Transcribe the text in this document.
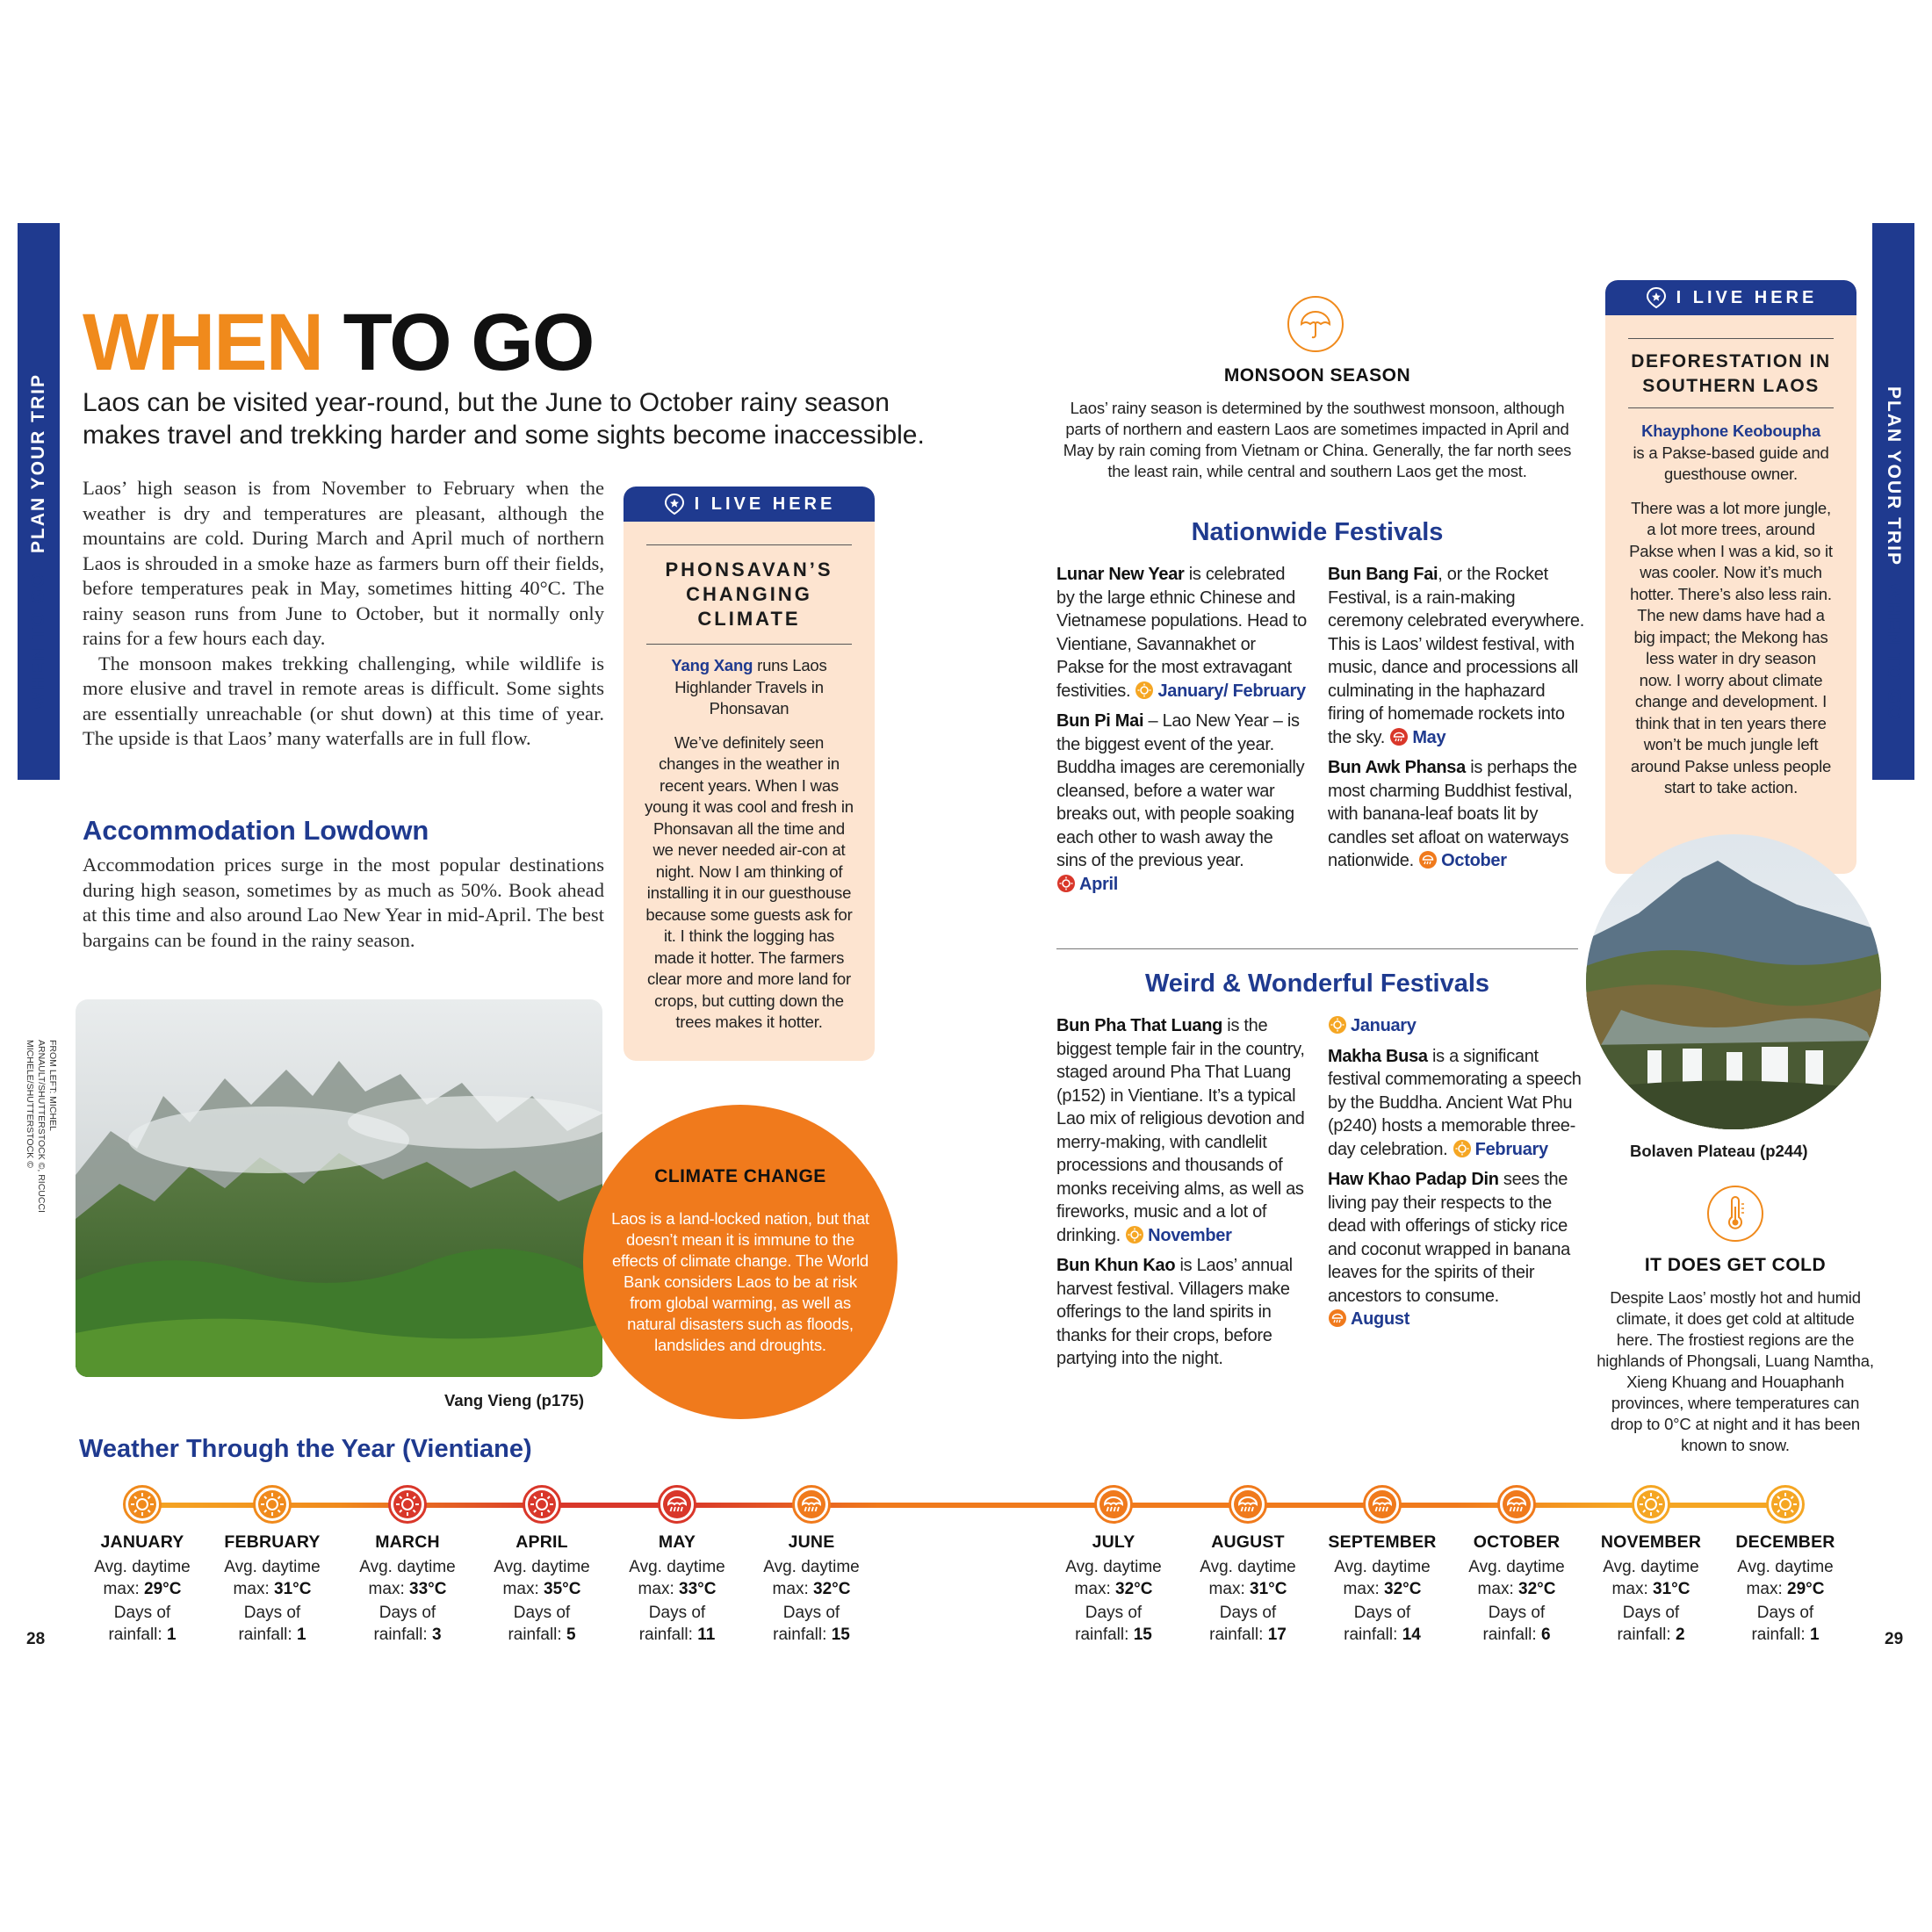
PLAN YOUR TRIP
WHEN TO GO
PLAN YOUR TRIP
WHEN TO GO
28	29
WHEN TO GO
Laos can be visited year-round, but the June to October rainy season makes travel and trekking harder and some sights become inaccessible.

Laos’ high season is from November to February when the weather is dry and temperatures are pleasant, although the mountains are cold. During March and April much of northern Laos is shrouded in a smoke haze as farmers burn off their fields, before temperatures peak in May, sometimes hitting 40°C. The rainy season runs from June to October, but it normally only rains for a few hours each day.

The monsoon makes trekking challenging, while wildlife is more elusive and travel in remote areas is difficult. Some sights are essentially unreachable (or shut down) at this time of year. The upside is that Laos’ many waterfalls are in full flow.

Accommodation Lowdown
Accommodation prices surge in the most popular destinations during high season, sometimes by as much as 50%. Book ahead at this time and also around Lao New Year in mid-April. The best bargains can be found in the rainy season.
I LIVE HERE
PHONSAVAN’S
CHANGING
CLIMATE
Yang Xang runs Laos Highlander Travels in Phonsavan
We’ve definitely seen changes in the weather in recent years. When I was young it was cool and fresh in Phonsavan all the time and we never needed air-con at night. Now I am thinking of installing it in our guesthouse because some guests ask for it. I think the logging has made it hotter. The farmers clear more and more land for crops, but cutting down the trees makes it hotter.
FROM LEFT: MICHEL ARNAULT/SHUTTERSTOCK ©, RICUCCI MICHELE/SHUTTERSTOCK ©
Vang Vieng (p175)
CLIMATE CHANGE
Laos is a land-locked nation, but that doesn’t mean it is immune to the effects of climate change. The World Bank considers Laos to be at risk from global warming, as well as natural disasters such as floods, landslides and droughts.
MONSOON SEASON
Laos’ rainy season is determined by the southwest monsoon, although parts of northern and eastern Laos are sometimes impacted in April and May by rain coming from Vietnam or China. Generally, the far north sees the least rain, while central and southern Laos get the most.
Nationwide Festivals

Lunar New Year is celebrated by the large ethnic Chinese and Vietnamese populations. Head to Vientiane, Savannakhet or Pakse for the most extravagant festivities. January/ February

Bun Pi Mai – Lao New Year – is the biggest event of the year. Buddha images are ceremonially cleansed, before a water war breaks out, with people soaking each other to wash away the sins of the previous year. April

Bun Bang Fai, or the Rocket Festival, is a rain-making ceremony celebrated everywhere. This is Laos’ wildest festival, with music, dance and processions all culminating in the haphazard firing of homemade rockets into the sky. May

Bun Awk Phansa is perhaps the most charming Buddhist festival, with banana-leaf boats lit by candles set afloat on waterways nationwide. October

Weird & Wonderful Festivals

Bun Pha That Luang is the biggest temple fair in the country, staged around Pha That Luang (p152) in Vientiane. It’s a typical Lao mix of religious devotion and merry-making, with candlelit processions and thousands of monks receiving alms, as well as fireworks, music and a lot of drinking. November

Bun Khun Kao is Laos’ annual harvest festival. Villagers make offerings to the land spirits in thanks for their crops, before partying into the night.

January

Makha Busa is a significant festival commemorating a speech by the Buddha. Ancient Wat Phu (p240) hosts a memorable three-day celebration. February

Haw Khao Padap Din sees the living pay their respects to the dead with offerings of sticky rice and coconut wrapped in banana leaves for the spirits of their ancestors to consume. August

I LIVE HERE
DEFORESTATION IN
SOUTHERN LAOS
Khayphone Keoboupha
is a Pakse-based guide and guesthouse owner.
There was a lot more jungle, a lot more trees, around Pakse when I was a kid, so it was cooler. Now it’s much hotter. There’s also less rain. The new dams have had a big impact; the Mekong has less water in dry season now. I worry about climate change and development. I think that in ten years there won’t be much jungle left around Pakse unless people start to take action.
Bolaven Plateau (p244)
IT DOES GET COLD
Despite Laos’ mostly hot and humid climate, it does get cold at altitude here. The frostiest regions are the highlands of Phongsali, Luang Namtha, Xieng Khuang and Houaphanh provinces, where temperatures can drop to 0°C at night and it has been known to snow.
Weather Through the Year (Vientiane)
JANUARY
Avg. daytime
max: 29°C
Days of
rainfall: 1
FEBRUARY
Avg. daytime
max: 31°C
Days of
rainfall: 1
MARCH
Avg. daytime
max: 33°C
Days of
rainfall: 3
APRIL
Avg. daytime
max: 35°C
Days of
rainfall: 5
MAY
Avg. daytime
max: 33°C
Days of
rainfall: 11
JUNE
Avg. daytime
max: 32°C
Days of
rainfall: 15
JULY
Avg. daytime
max: 32°C
Days of
rainfall: 15
AUGUST
Avg. daytime
max: 31°C
Days of
rainfall: 17
SEPTEMBER
Avg. daytime
max: 32°C
Days of
rainfall: 14
OCTOBER
Avg. daytime
max: 32°C
Days of
rainfall: 6
NOVEMBER
Avg. daytime
max: 31°C
Days of
rainfall: 2
DECEMBER
Avg. daytime
max: 29°C
Days of
rainfall: 1
